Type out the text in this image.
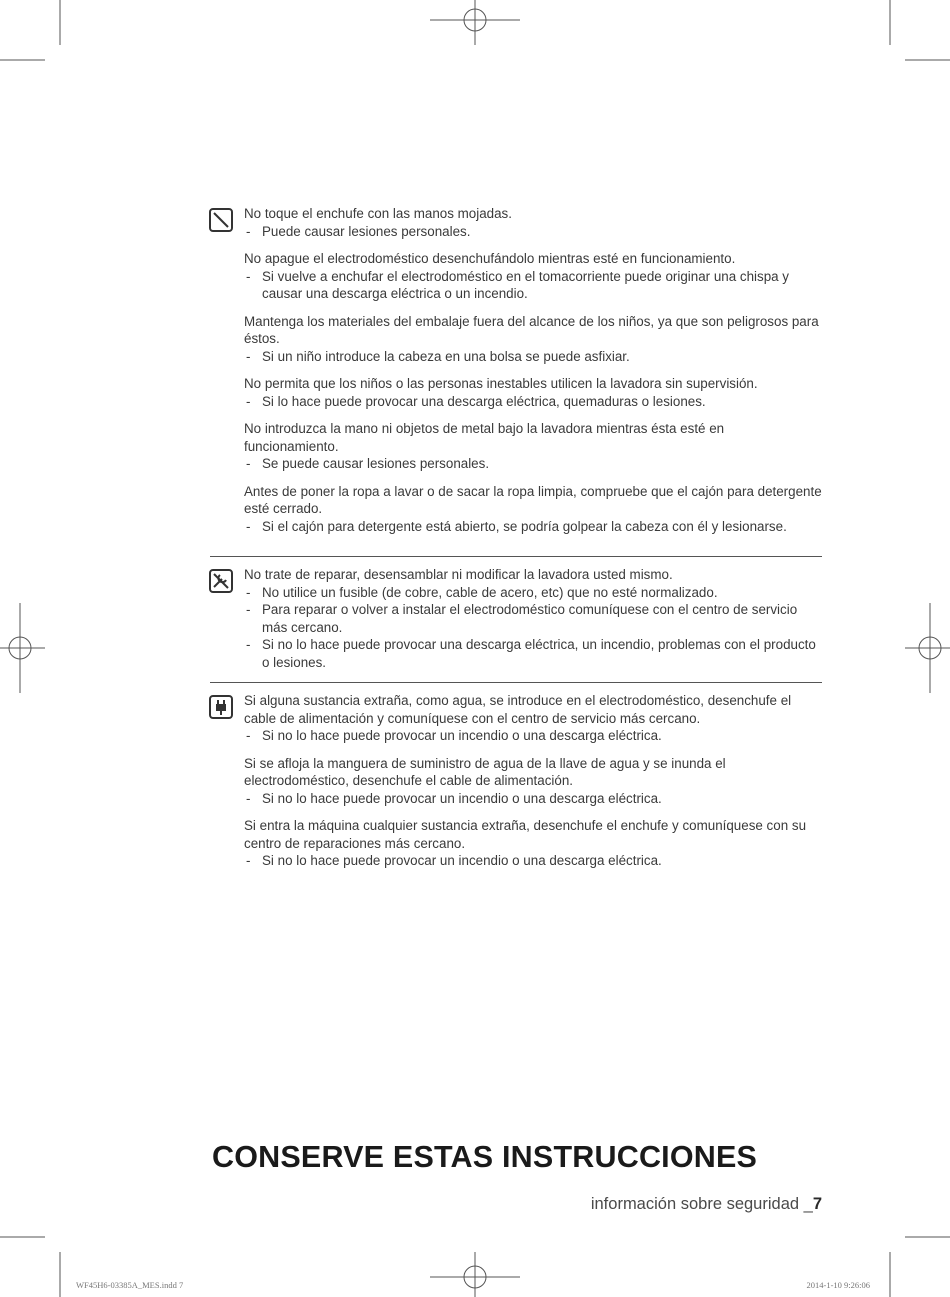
No toque el enchufe con las manos mojadas.
- Puede causar lesiones personales.
No apague el electrodoméstico desenchufándolo mientras esté en funcionamiento.
- Si vuelve a enchufar el electrodoméstico en el tomacorriente puede originar una chispa y causar una descarga eléctrica o un incendio.
Mantenga los materiales del embalaje fuera del alcance de los niños, ya que son peligrosos para éstos.
- Si un niño introduce la cabeza en una bolsa se puede asfixiar.
No permita que los niños o las personas inestables utilicen la lavadora sin supervisión.
- Si lo hace puede provocar una descarga eléctrica, quemaduras o lesiones.
No introduzca la mano ni objetos de metal bajo la lavadora mientras ésta esté en funcionamiento.
- Se puede causar lesiones personales.
Antes de poner la ropa a lavar o de sacar la ropa limpia, compruebe que el cajón para detergente esté cerrado.
- Si el cajón para detergente está abierto, se podría golpear la cabeza con él y lesionarse.
No trate de reparar, desensamblar ni modificar la lavadora usted mismo.
- No utilice un fusible (de cobre, cable de acero, etc) que no esté normalizado.
- Para reparar o volver a instalar el electrodoméstico comuníquese con el centro de servicio más cercano.
- Si no lo hace puede provocar una descarga eléctrica, un incendio, problemas con el producto o lesiones.
Si alguna sustancia extraña, como agua, se introduce en el electrodoméstico, desenchufe el cable de alimentación y comuníquese con el centro de servicio más cercano.
- Si no lo hace puede provocar un incendio o una descarga eléctrica.
Si se afloja la manguera de suministro de agua de la llave de agua y se inunda el electrodoméstico, desenchufe el cable de alimentación.
- Si no lo hace puede provocar un incendio o una descarga eléctrica.
Si entra la máquina cualquier sustancia extraña, desenchufe el enchufe y comuníquese con su centro de reparaciones más cercano.
- Si no lo hace puede provocar un incendio o una descarga eléctrica.
CONSERVE ESTAS INSTRUCCIONES
información sobre seguridad _7
WF45H6-03385A_MES.indd 7	2014-1-10 9:26:06
